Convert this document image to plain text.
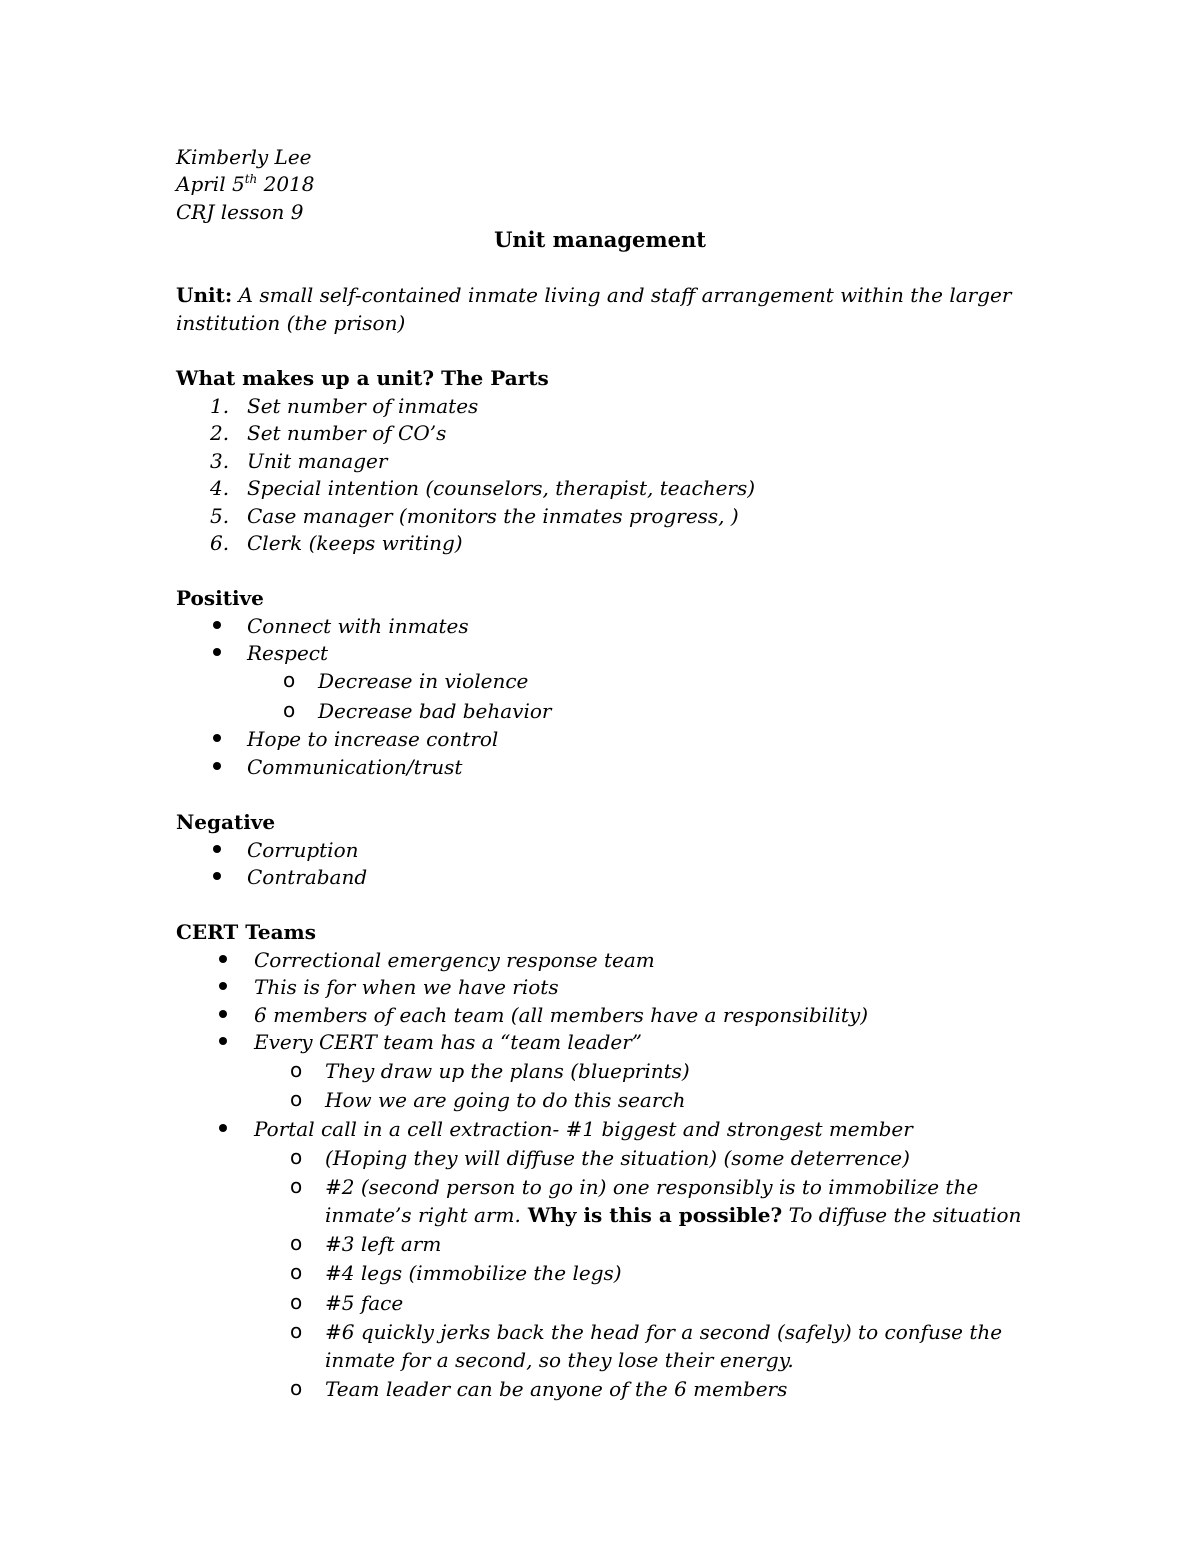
Kimberly Lee
April 5th 2018
CRJ lesson 9
Unit management
Unit: A small self-contained inmate living and staff arrangement within the larger
institution (the prison)
What makes up a unit? The Parts
1. Set number of inmates
2. Set number of CO’s
3. Unit manager
4. Special intention (counselors, therapist, teachers)
5. Case manager (monitors the inmates progress, )
6. Clerk (keeps writing)
Positive
Connect with inmates
Respect
o Decrease in violence
o Decrease bad behavior
Hope to increase control
Communication/trust
Negative
Corruption
Contraband
CERT Teams
Correctional emergency response team
This is for when we have riots
6 members of each team (all members have a responsibility)
Every CERT team has a “team leader”
o They draw up the plans (blueprints)
o How we are going to do this search
Portal call in a cell extraction- #1 biggest and strongest member
o (Hoping they will diffuse the situation) (some deterrence)
o #2 (second person to go in) one responsibly is to immobilize the
inmate’s right arm. Why is this a possible? To diffuse the situation
o #3 left arm
o #4 legs (immobilize the legs)
o #5 face
o #6 quickly jerks back the head for a second (safely) to confuse the
inmate for a second, so they lose their energy.
o Team leader can be anyone of the 6 members
